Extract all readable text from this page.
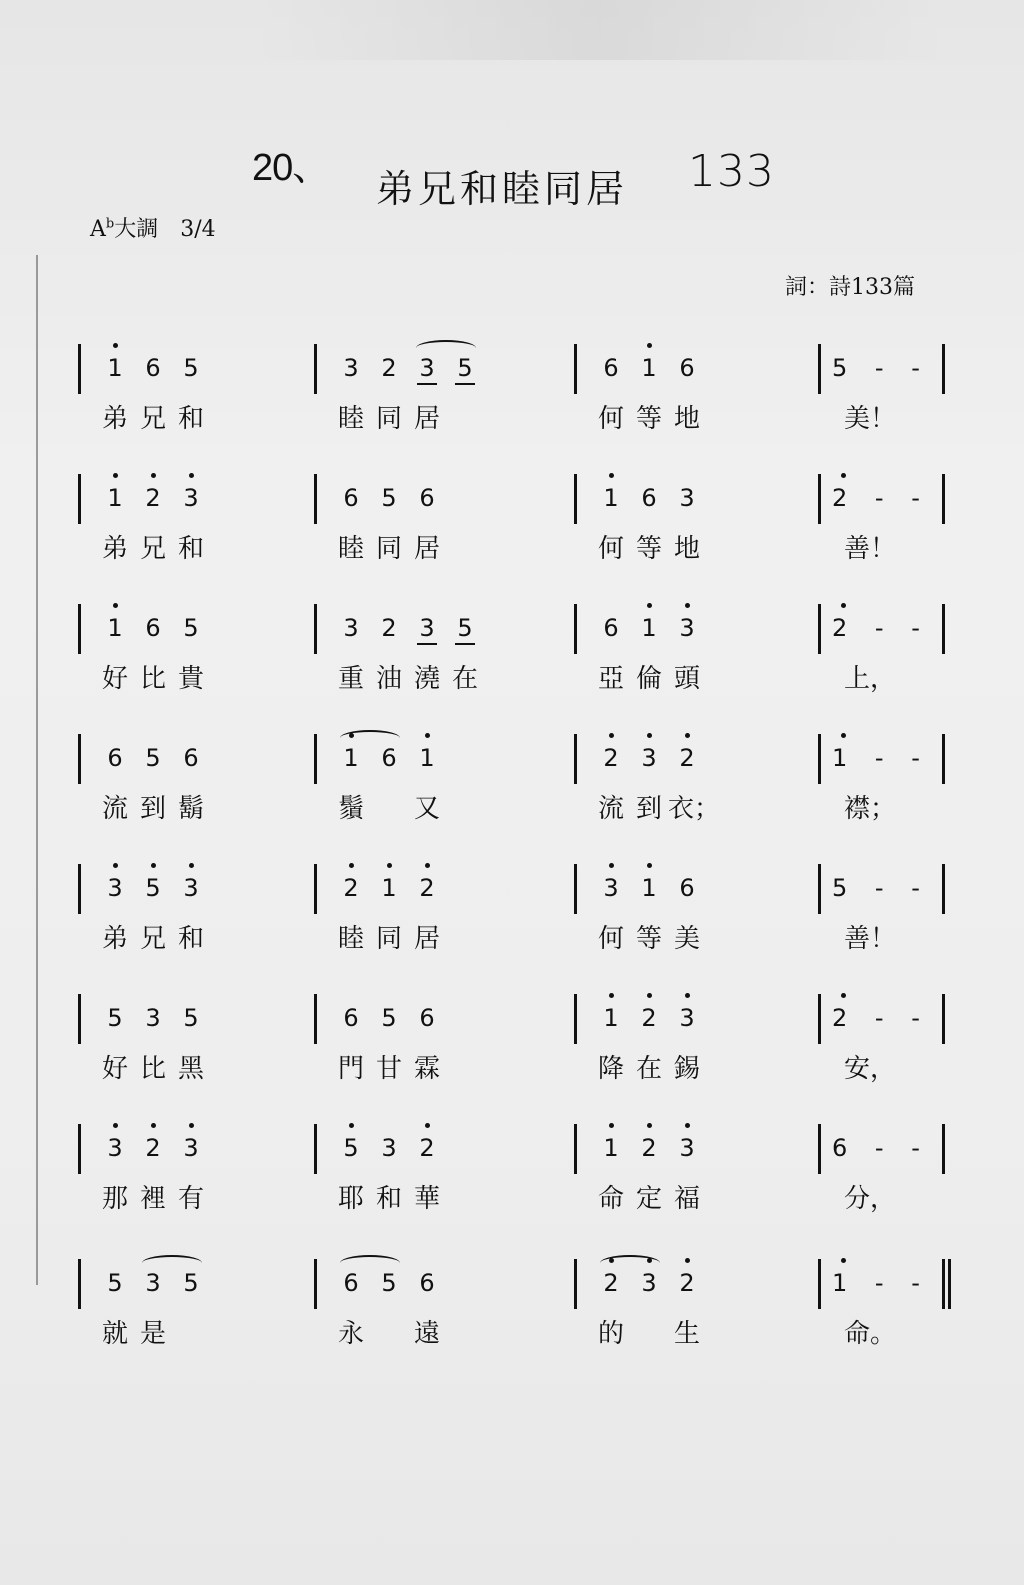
20、 弟兄和睦同居 133
$A^b$大調　3/4
詞：詩133篇
1 6 5
弟 兄 和
3 2 3 5
睦 同 居
6 1 6
何 等 地
5 - -
美！
1 2 3
弟 兄 和
6 5 6
睦 同 居
1 6 3
何 等 地
2 - -
善！
1 6 5
好 比 貴
3 2 3 5
重 油 澆 在
6 1 3
亞 倫 頭
2 - -
上，
6 5 6
流 到 鬍
1 6 1
鬚 又
2 3 2
流 到 衣；
1 - -
襟；
3 5 3
弟 兄 和
2 1 2
睦 同 居
3 1 6
何 等 美
5 - -
善！
5 3 5
好 比 黑
6 5 6
門 甘 霖
1 2 3
降 在 錫
2 - -
安，
3 2 3
那 裡 有
5 3 2
耶 和 華
1 2 3
命 定 福
6 - -
分，
5 3 5
就 是
6 5 6
永 遠
2 3 2
的 生
1 - -
命。
